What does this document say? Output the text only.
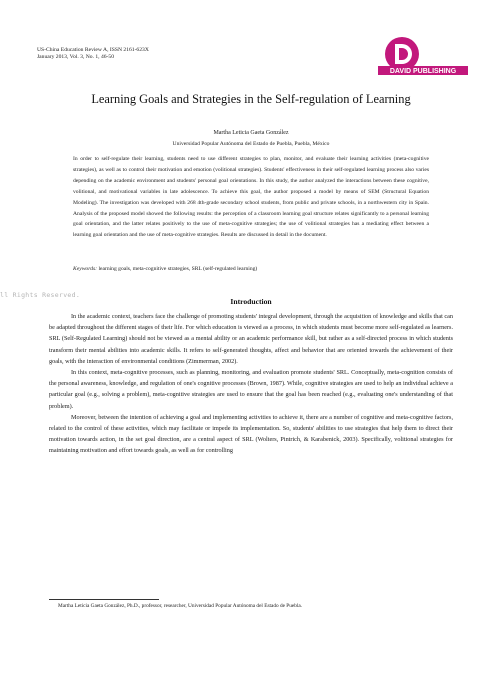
US-China Education Review A, ISSN 2161-623X
January 2013, Vol. 3, No. 1, 46-50
DAVID PUBLISHING
Learning Goals and Strategies in the Self-regulation of Learning
Martha Leticia Gaeta González
Universidad Popular Autónoma del Estado de Puebla, Puebla, México
In order to self-regulate their learning, students need to use different strategies to plan, monitor, and evaluate their learning activities (meta-cognitive strategies), as well as to control their motivation and emotion (volitional strategies). Students' effectiveness in their self-regulated learning process also varies depending on the academic environment and students' personal goal orientations. In this study, the author analyzed the interactions between these cognitive, volitional, and motivational variables in late adolescence. To achieve this goal, the author proposed a model by means of SEM (Structural Equation Modeling). The investigation was developed with 268 4th-grade secondary school students, from public and private schools, in a northwestern city in Spain. Analysis of the proposed model showed the following results: the perception of a classroom learning goal structure relates significantly to a personal learning goal orientation, and the latter relates positively to the use of meta-cognitive strategies; the use of volitional strategies has a mediating effect between a learning goal orientation and the use of meta-cognitive strategies. Results are discussed in detail in the document.
Keywords: learning goals, meta-cognitive strategies, SRL (self-regulated learning)
ll Rights Reserved.
Introduction

In the academic context, teachers face the challenge of promoting students' integral development, through the acquisition of knowledge and skills that can be adapted throughout the different stages of their life. For which education is viewed as a process, in which students must become more self-regulated as learners. SRL (Self-Regulated Learning) should not be viewed as a mental ability or an academic performance skill, but rather as a self-directed process in which students transform their mental abilities into academic skills. It refers to self-generated thoughts, affect and behavior that are oriented towards the achievement of their goals, with the interaction of environmental conditions (Zimmerman, 2002).

In this context, meta-cognitive processes, such as planning, monitoring, and evaluation promote students' SRL. Conceptually, meta-cognition consists of the personal awareness, knowledge, and regulation of one's cognitive processes (Brown, 1987). While, cognitive strategies are used to help an individual achieve a particular goal (e.g., solving a problem), meta-cognitive strategies are used to ensure that the goal has been reached (e.g., evaluating one's understanding of that problem).

Moreover, between the intention of achieving a goal and implementing activities to achieve it, there are a number of cognitive and meta-cognitive factors, related to the control of these activities, which may facilitate or impede its implementation. So, students' abilities to use strategies that help them to direct their motivation towards action, in the set goal direction, are a central aspect of SRL (Wolters, Pintrich, & Karabenick, 2003). Specifically, volitional strategies for maintaining motivation and effort towards goals, as well as for controlling

Martha Leticia Gaeta González, Ph.D., professor, researcher, Universidad Popular Autónoma del Estado de Puebla.
